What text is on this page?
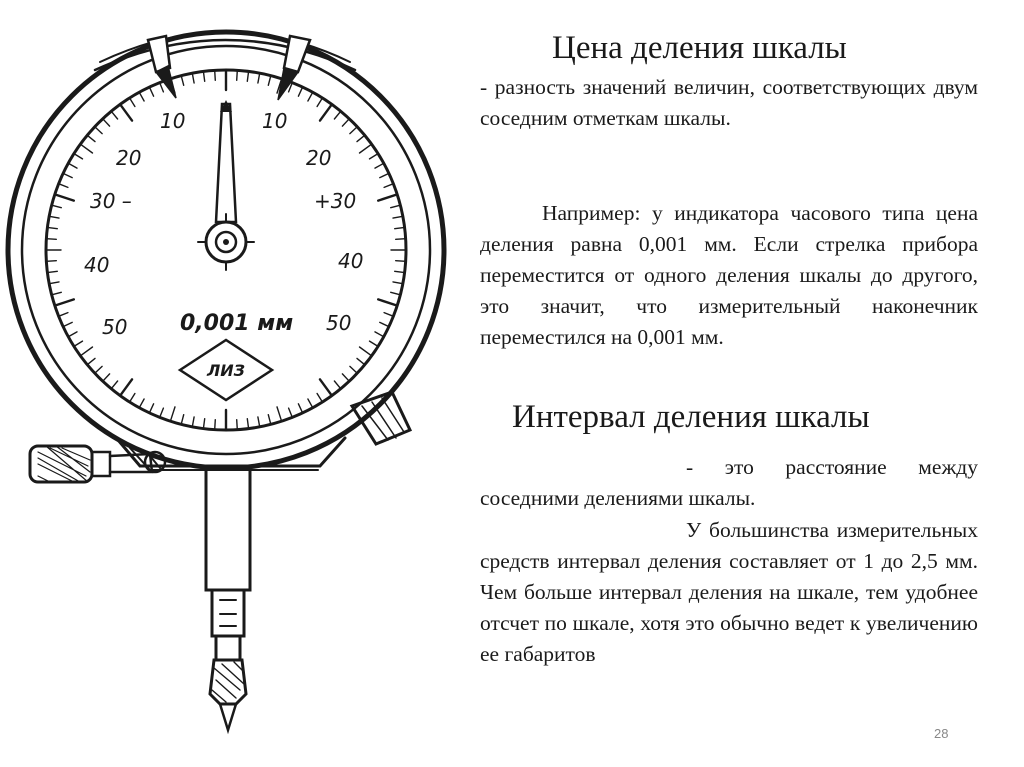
10
20
30 –
40
50
10
20
+30
40
50
0,001 мм
ЛИЗ
Цена деления шкалы

- разность значений величин, соответствующих двум соседним отметкам шкалы.

Например: у индикатора часового типа цена деления равна 0,001 мм. Если стрелка прибора переместится от одного деления шкалы до другого, это значит, что измерительный наконечник переместился на 0,001 мм.

Интервал деления шкалы

- это расстояние между соседними делениями шкалы.

У большинства измерительных средств интервал деления составляет от 1 до 2,5 мм. Чем больше интервал деления на шкале, тем удобнее отсчет по шкале, хотя это обычно ведет к увеличению ее габаритов

28
